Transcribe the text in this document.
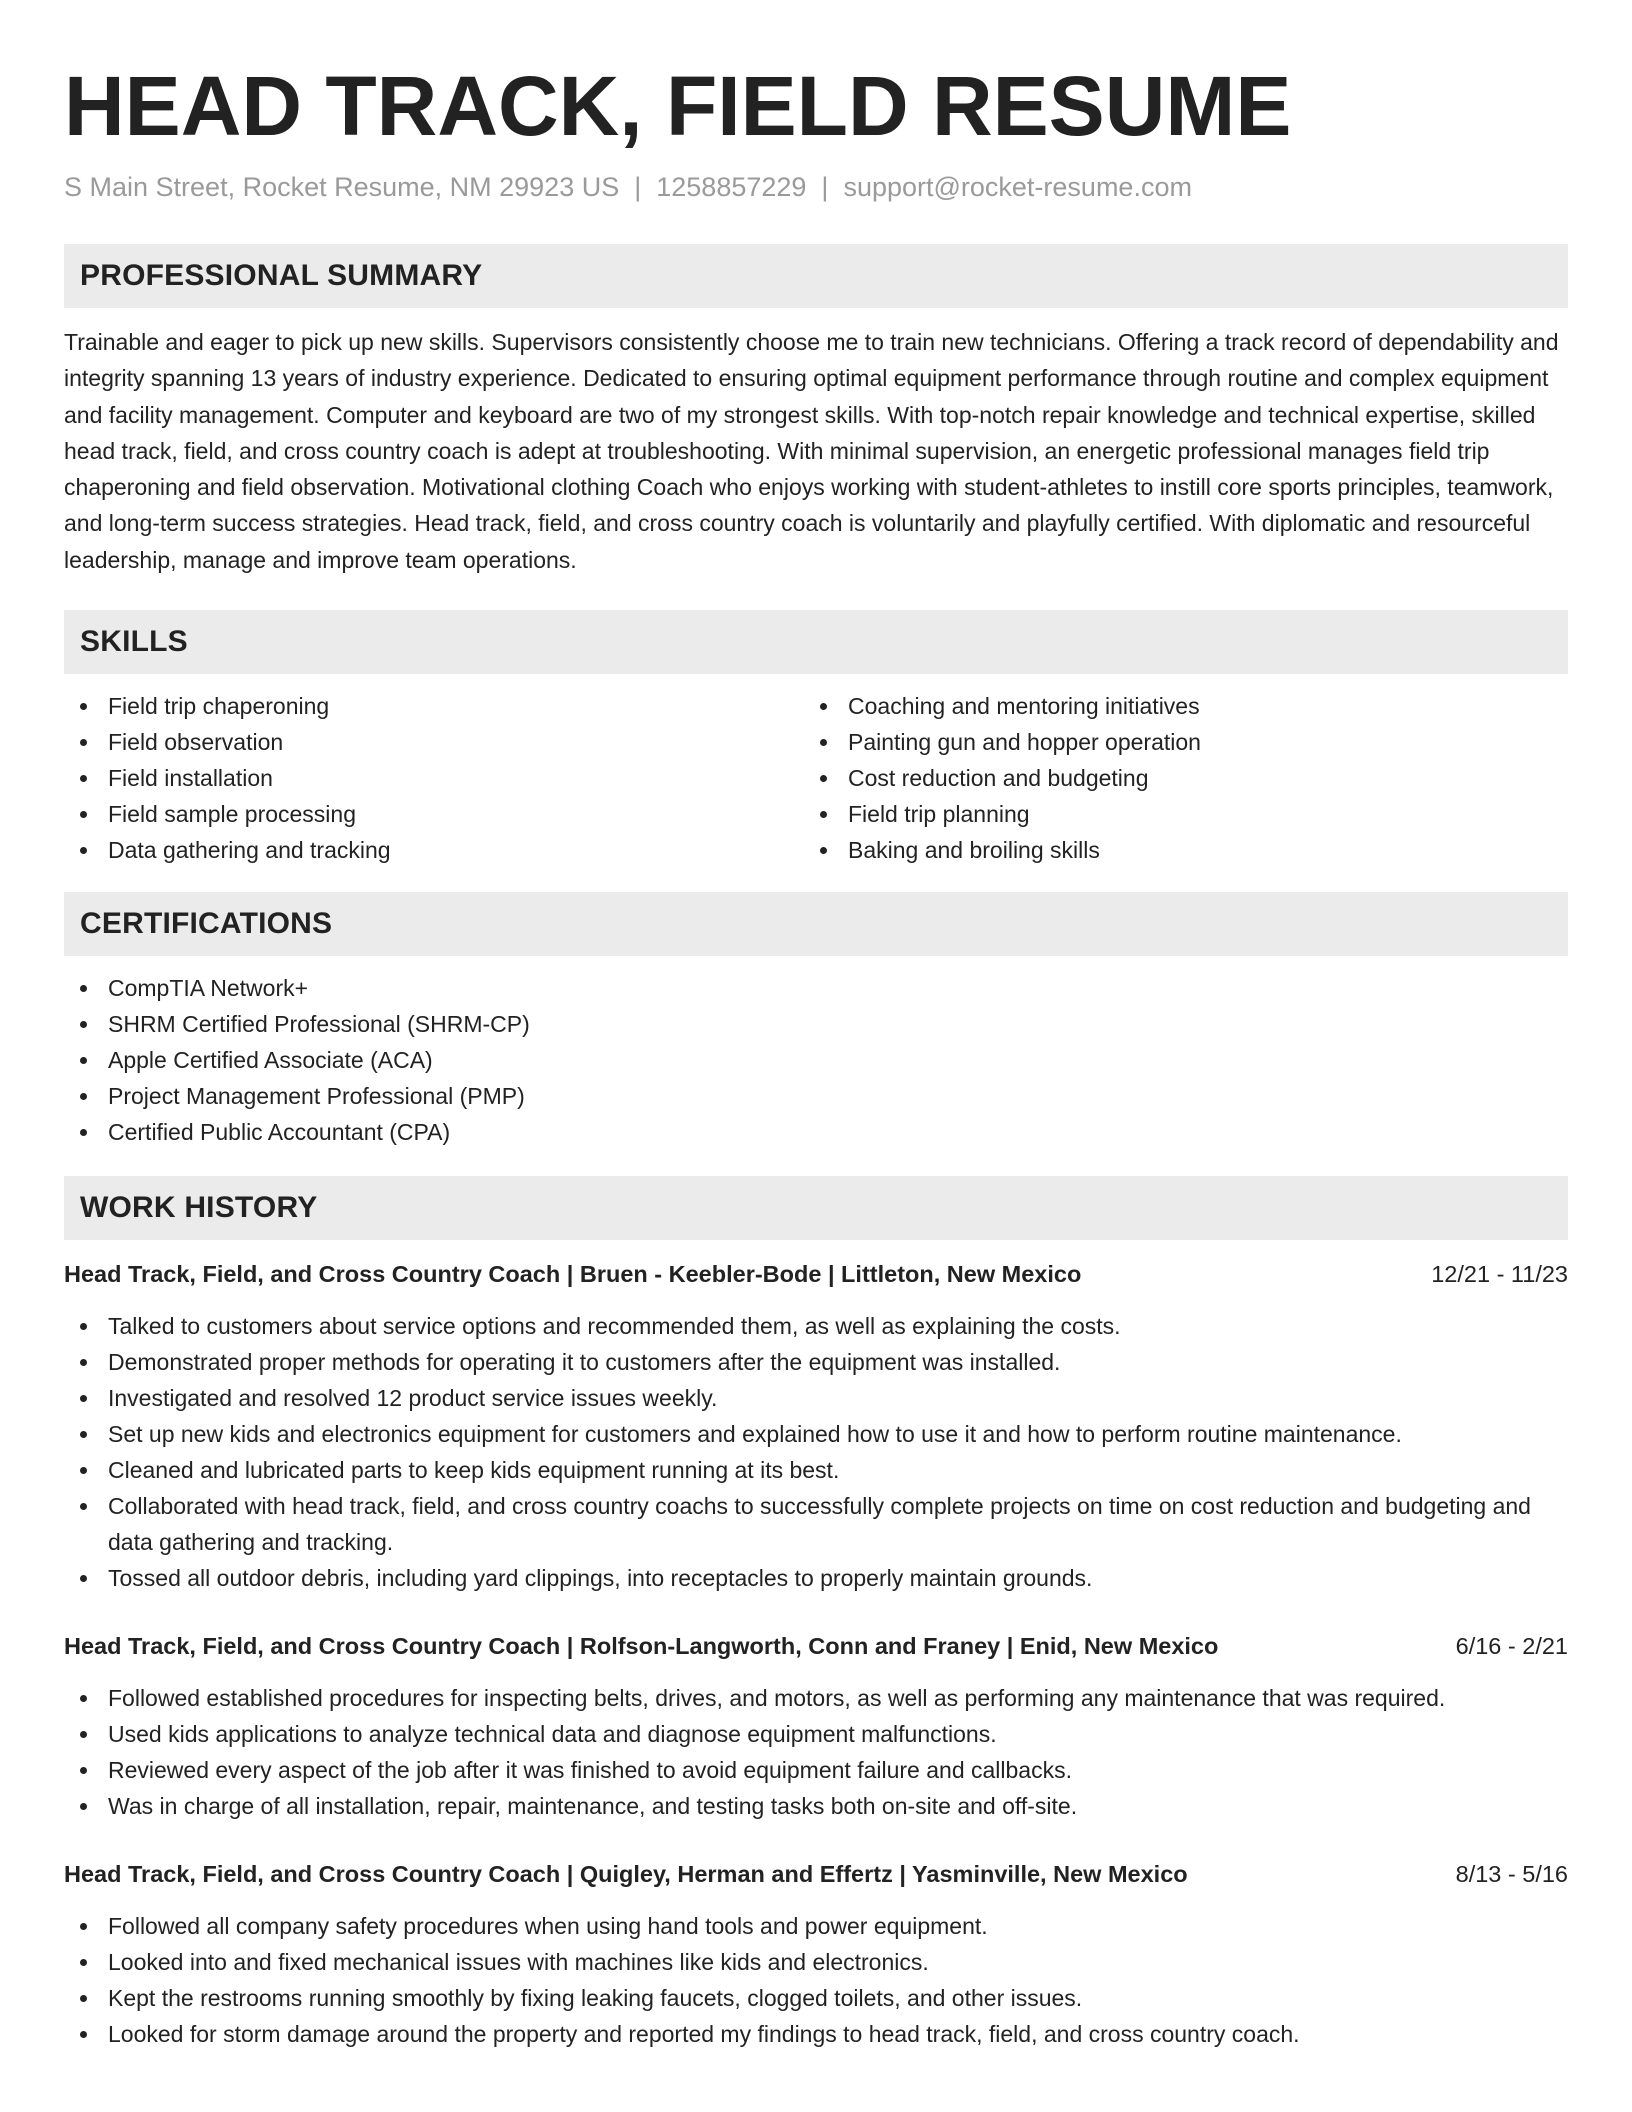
HEAD TRACK, FIELD RESUME
S Main Street, Rocket Resume, NM 29923 US | 1258857229 | support@rocket-resume.com
PROFESSIONAL SUMMARY

Trainable and eager to pick up new skills. Supervisors consistently choose me to train new technicians. Offering a track record of dependability and integrity spanning 13 years of industry experience. Dedicated to ensuring optimal equipment performance through routine and complex equipment and facility management. Computer and keyboard are two of my strongest skills. With top-notch repair knowledge and technical expertise, skilled head track, field, and cross country coach is adept at troubleshooting. With minimal supervision, an energetic professional manages field trip chaperoning and field observation. Motivational clothing Coach who enjoys working with student-athletes to instill core sports principles, teamwork, and long-term success strategies. Head track, field, and cross country coach is voluntarily and playfully certified. With diplomatic and resourceful leadership, manage and improve team operations.

SKILLS
Field trip chaperoning
Field observation
Field installation
Field sample processing
Data gathering and tracking
Coaching and mentoring initiatives
Painting gun and hopper operation
Cost reduction and budgeting
Field trip planning
Baking and broiling skills
CERTIFICATIONS
CompTIA Network+
SHRM Certified Professional (SHRM-CP)
Apple Certified Associate (ACA)
Project Management Professional (PMP)
Certified Public Accountant (CPA)
WORK HISTORY
Head Track, Field, and Cross Country Coach | Bruen - Keebler-Bode | Littleton, New Mexico	12/21 - 11/23
Talked to customers about service options and recommended them, as well as explaining the costs.
Demonstrated proper methods for operating it to customers after the equipment was installed.
Investigated and resolved 12 product service issues weekly.
Set up new kids and electronics equipment for customers and explained how to use it and how to perform routine maintenance.
Cleaned and lubricated parts to keep kids equipment running at its best.
Collaborated with head track, field, and cross country coachs to successfully complete projects on time on cost reduction and budgeting and data gathering and tracking.
Tossed all outdoor debris, including yard clippings, into receptacles to properly maintain grounds.
Head Track, Field, and Cross Country Coach | Rolfson-Langworth, Conn and Franey | Enid, New Mexico	6/16 - 2/21
Followed established procedures for inspecting belts, drives, and motors, as well as performing any maintenance that was required.
Used kids applications to analyze technical data and diagnose equipment malfunctions.
Reviewed every aspect of the job after it was finished to avoid equipment failure and callbacks.
Was in charge of all installation, repair, maintenance, and testing tasks both on-site and off-site.
Head Track, Field, and Cross Country Coach | Quigley, Herman and Effertz | Yasminville, New Mexico	8/13 - 5/16
Followed all company safety procedures when using hand tools and power equipment.
Looked into and fixed mechanical issues with machines like kids and electronics.
Kept the restrooms running smoothly by fixing leaking faucets, clogged toilets, and other issues.
Looked for storm damage around the property and reported my findings to head track, field, and cross country coach.
